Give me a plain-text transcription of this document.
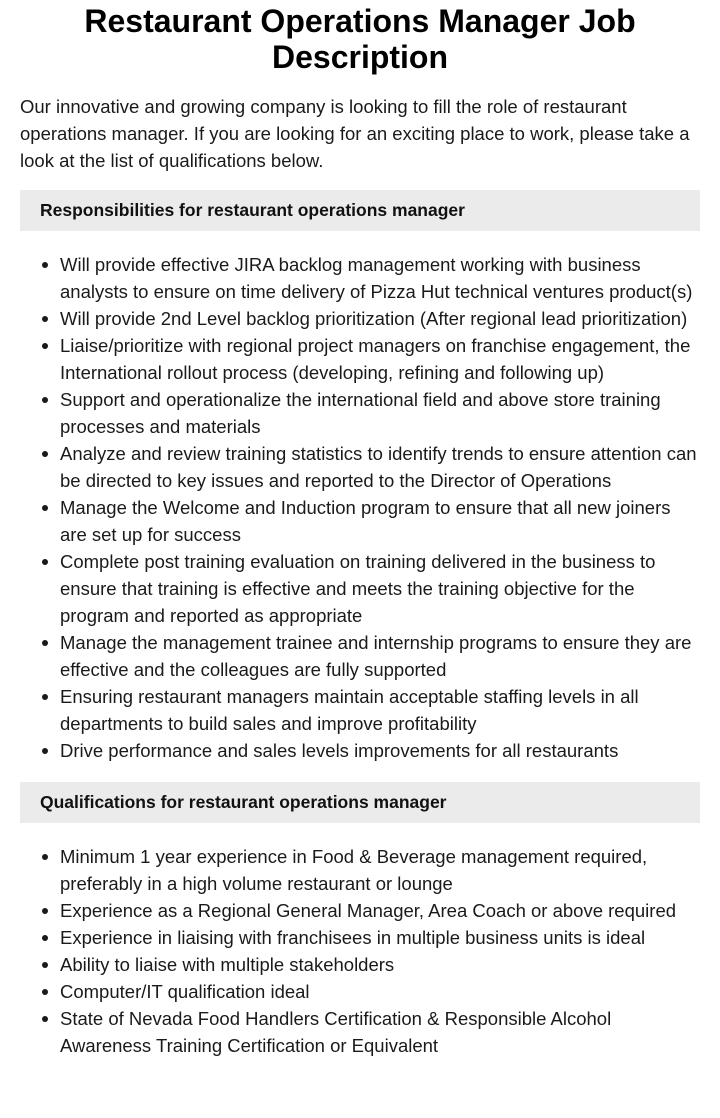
Restaurant Operations Manager Job Description

Our innovative and growing company is looking to fill the role of restaurant operations manager. If you are looking for an exciting place to work, please take a look at the list of qualifications below.

Responsibilities for restaurant operations manager
Will provide effective JIRA backlog management working with business analysts to ensure on time delivery of Pizza Hut technical ventures product(s)
Will provide 2nd Level backlog prioritization (After regional lead prioritization)
Liaise/prioritize with regional project managers on franchise engagement, the International rollout process (developing, refining and following up)
Support and operationalize the international field and above store training processes and materials
Analyze and review training statistics to identify trends to ensure attention can be directed to key issues and reported to the Director of Operations
Manage the Welcome and Induction program to ensure that all new joiners are set up for success
Complete post training evaluation on training delivered in the business to ensure that training is effective and meets the training objective for the program and reported as appropriate
Manage the management trainee and internship programs to ensure they are effective and the colleagues are fully supported
Ensuring restaurant managers maintain acceptable staffing levels in all departments to build sales and improve profitability
Drive performance and sales levels improvements for all restaurants
Qualifications for restaurant operations manager
Minimum 1 year experience in Food & Beverage management required, preferably in a high volume restaurant or lounge
Experience as a Regional General Manager, Area Coach or above required
Experience in liaising with franchisees in multiple business units is ideal
Ability to liaise with multiple stakeholders
Computer/IT qualification ideal
State of Nevada Food Handlers Certification & Responsible Alcohol Awareness Training Certification or Equivalent
